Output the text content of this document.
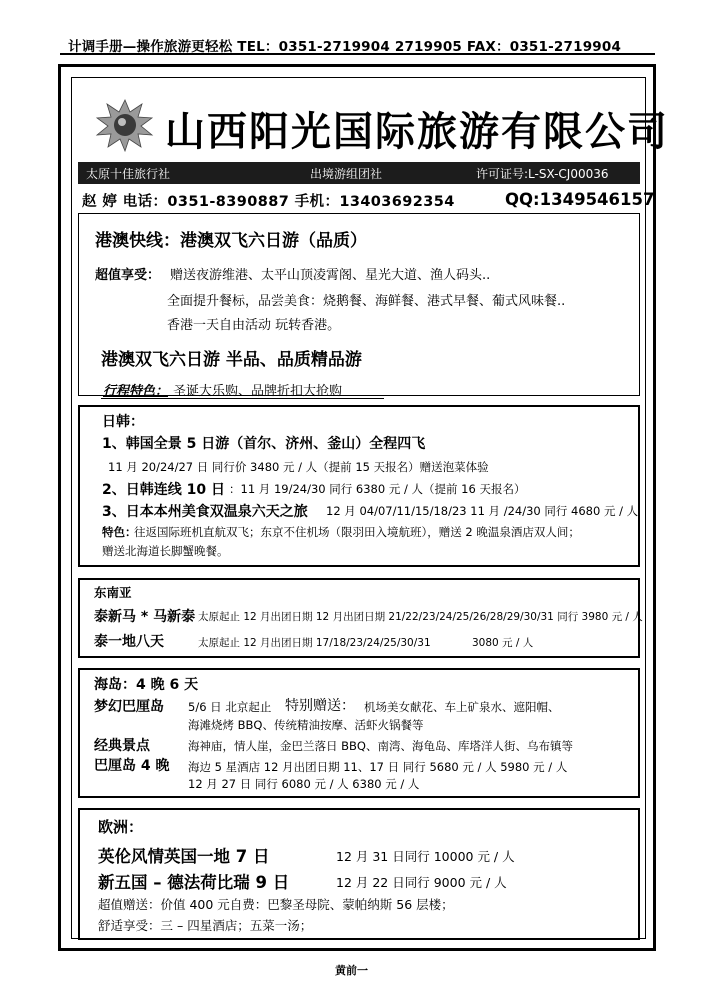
计调手册—操作旅游更轻松 TEL：0351-2719904 2719905 FAX：0351-2719904
山西阳光国际旅游有限公司
太原十佳旅行社	出境游组团社	许可证号:L-SX-CJ00036
赵 婷 电话：0351-8390887 手机：13403692354	QQ:1349546157
港澳快线：港澳双飞六日游（品质）
超值享受： 赠送夜游维港、太平山顶凌霄阁、星光大道、渔人码头..
全面提升餐标，品尝美食：烧鹅餐、海鲜餐、港式早餐、葡式风味餐..
香港一天自由活动 玩转香港。
港澳双飞六日游 半品、品质精品游
行程特色： 圣诞大乐购、品牌折扣大抢购
日韩：
1、韩国全景 5 日游（首尔、济州、釜山）全程四飞
11 月 20/24/27 日 同行价 3480 元 / 人（提前 15 天报名）赠送泡菜体验
2、日韩连线 10 日 ：11 月 19/24/30 同行 6380 元 / 人（提前 16 天报名）
3、日本本州美食双温泉六天之旅 12 月 04/07/11/15/18/23 11 月 /24/30 同行 4680 元 / 人
特色：
往返国际班机直航双飞；东京不住机场（限羽田入境航班），赠送 2 晚温泉酒店双人间；
赠送北海道长脚蟹晚餐。
东南亚
泰新马 * 马新泰 太原起止 12 月出团日期 12 月出团日期 21/22/23/24/25/26/28/29/30/31 同行 3980 元 / 人
泰一地八天	太原起止 12 月出团日期 17/18/23/24/25/30/31	3080 元 / 人
海岛：4 晚 6 天
梦幻巴厘岛 5/6 日 北京起止 特别赠送： 机场美女献花、车上矿泉水、遮阳帽、
海滩烧烤 BBQ、传统精油按摩、活虾火锅餐等
经典景点	海神庙，情人崖，金巴兰落日 BBQ、南湾、海龟岛、库塔洋人街、乌布镇等
巴厘岛 4 晚 海边 5 星酒店 12 月出团日期 11、17 日 同行 5680 元 / 人 5980 元 / 人
12 月 27 日 同行 6080 元 / 人 6380 元 / 人
欧洲：
英伦风情英国一地 7 日	12 月 31 日同行 10000 元 / 人
新五国 – 德法荷比瑞 9 日	12 月 22 日同行 9000 元 / 人
超值赠送：价值 400 元自费：巴黎圣母院、蒙帕纳斯 56 层楼；
舒适享受：三 – 四星酒店；五菜一汤；
黄前一
